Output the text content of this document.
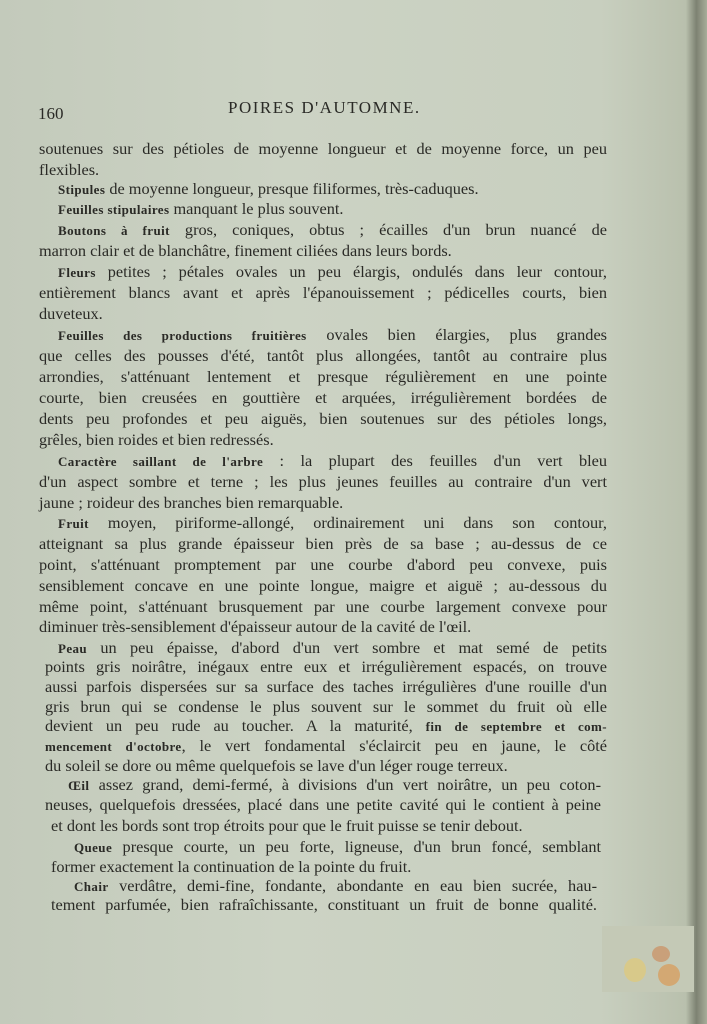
160	POIRES D'AUTOMNE.
soutenues sur des pétioles de moyenne longueur et de moyenne force, un peu
flexibles.
Stipules de moyenne longueur, presque filiformes, très-caduques.
Feuilles stipulaires manquant le plus souvent.
Boutons à fruit gros, coniques, obtus ; écailles d'un brun nuancé de
marron clair et de blanchâtre, finement ciliées dans leurs bords.
Fleurs petites ; pétales ovales un peu élargis, ondulés dans leur contour,
entièrement blancs avant et après l'épanouissement ; pédicelles courts, bien
duveteux.
Feuilles des productions fruitières ovales bien élargies, plus grandes
que celles des pousses d'été, tantôt plus allongées, tantôt au contraire plus
arrondies, s'atténuant lentement et presque régulièrement en une pointe
courte, bien creusées en gouttière et arquées, irrégulièrement bordées de
dents peu profondes et peu aiguës, bien soutenues sur des pétioles longs,
grêles, bien roides et bien redressés.
Caractère saillant de l'arbre : la plupart des feuilles d'un vert bleu
d'un aspect sombre et terne ; les plus jeunes feuilles au contraire d'un vert
jaune ; roideur des branches bien remarquable.
Fruit moyen, piriforme-allongé, ordinairement uni dans son contour,
atteignant sa plus grande épaisseur bien près de sa base ; au-dessus de ce
point, s'atténuant promptement par une courbe d'abord peu convexe, puis
sensiblement concave en une pointe longue, maigre et aiguë ; au-dessous du
même point, s'atténuant brusquement par une courbe largement convexe pour
diminuer très-sensiblement d'épaisseur autour de la cavité de l'œil.
Peau un peu épaisse, d'abord d'un vert sombre et mat semé de petits
points gris noirâtre, inégaux entre eux et irrégulièrement espacés, on trouve
aussi parfois dispersées sur sa surface des taches irrégulières d'une rouille d'un
gris brun qui se condense le plus souvent sur le sommet du fruit où elle
devient un peu rude au toucher. A la maturité, fin de septembre et com-
mencement d'octobre, le vert fondamental s'éclaircit peu en jaune, le côté
du soleil se dore ou même quelquefois se lave d'un léger rouge terreux.
Œil assez grand, demi-fermé, à divisions d'un vert noirâtre, un peu coton-
neuses, quelquefois dressées, placé dans une petite cavité qui le contient à peine
et dont les bords sont trop étroits pour que le fruit puisse se tenir debout.
Queue presque courte, un peu forte, ligneuse, d'un brun foncé, semblant
former exactement la continuation de la pointe du fruit.
Chair verdâtre, demi-fine, fondante, abondante en eau bien sucrée, hau-
tement parfumée, bien rafraîchissante, constituant un fruit de bonne qualité.
